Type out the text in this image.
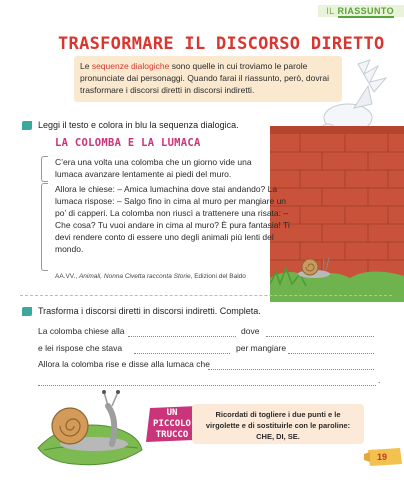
IL RIASSUNTO
TRASFORMARE IL DISCORSO DIRETTO
Le sequenze dialogiche sono quelle in cui troviamo le parole pronunciate dai personaggi. Quando farai il riassunto, però, dovrai trasformare i discorsi diretti in discorsi indiretti.
Leggi il testo e colora in blu la sequenza dialogica.
LA COLOMBA E LA LUMACA
C’era una volta una colomba che un giorno vide una lumaca avanzare lentamente ai piedi del muro.
Allora le chiese: – Amica lumachina dove stai andando? La lumaca rispose: – Salgo fino in cima al muro per mangiare un po’ di capperi. La colomba non riuscì a trattenere una risata: – Che cosa? Tu vuoi andare in cima al muro? È pura fantasia! Ti devi rendere conto di essere uno degli animali più lenti del mondo.
AA.VV., Animali, Nonna Civetta racconta Storie, Edizioni del Baldo
Trasforma i discorsi diretti in discorsi indiretti. Completa.
La colomba chiese alla	dove
e lei rispose che stava	per mangiare
Allora la colomba rise e disse alla lumaca che
.
UN PICCOLO TRUCCO
Ricordati di togliere i due punti e le
virgolette e di sostituirle con le paroline:
CHE, DI, SE.
19
